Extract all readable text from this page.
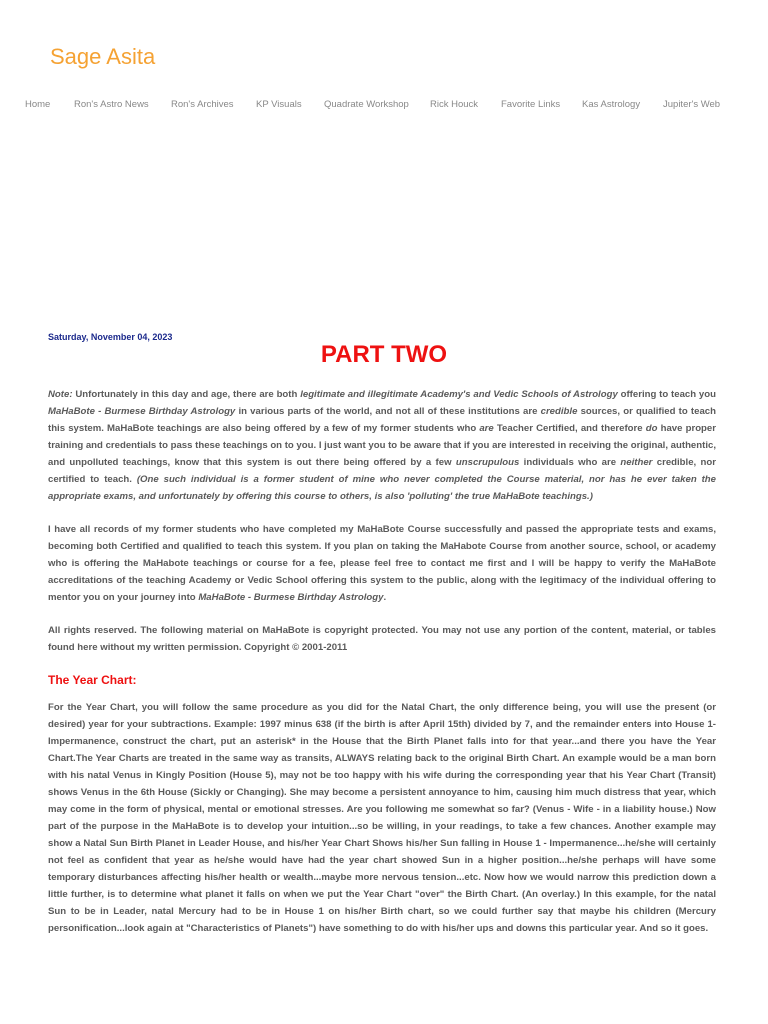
Sage Asita
Home Ron's Astro News Ron's Archives KP Visuals Quadrate Workshop Rick Houck Favorite Links Kas Astrology Jupiter's Web
Saturday, November 04, 2023
PART TWO

Note: Unfortunately in this day and age, there are both legitimate and illegitimate Academy's and Vedic Schools of Astrology offering to teach you MaHaBote - Burmese Birthday Astrology in various parts of the world, and not all of these institutions are credible sources, or qualified to teach this system. MaHaBote teachings are also being offered by a few of my former students who are Teacher Certified, and therefore do have proper training and credentials to pass these teachings on to you. I just want you to be aware that if you are interested in receiving the original, authentic, and unpolluted teachings, know that this system is out there being offered by a few unscrupulous individuals who are neither credible, nor certified to teach. (One such individual is a former student of mine who never completed the Course material, nor has he ever taken the appropriate exams, and unfortunately by offering this course to others, is also 'polluting' the true MaHaBote teachings.)

I have all records of my former students who have completed my MaHaBote Course successfully and passed the appropriate tests and exams, becoming both Certified and qualified to teach this system. If you plan on taking the MaHabote Course from another source, school, or academy who is offering the MaHabote teachings or course for a fee, please feel free to contact me first and I will be happy to verify the MaHaBote accreditations of the teaching Academy or Vedic School offering this system to the public, along with the legitimacy of the individual offering to mentor you on your journey into MaHaBote - Burmese Birthday Astrology.

All rights reserved. The following material on MaHaBote is copyright protected. You may not use any portion of the content, material, or tables found here without my written permission. Copyright © 2001-2011

The Year Chart:

For the Year Chart, you will follow the same procedure as you did for the Natal Chart, the only difference being, you will use the present (or desired) year for your subtractions. Example: 1997 minus 638 (if the birth is after April 15th) divided by 7, and the remainder enters into House 1-Impermanence, construct the chart, put an asterisk* in the House that the Birth Planet falls into for that year...and there you have the Year Chart.The Year Charts are treated in the same way as transits, ALWAYS relating back to the original Birth Chart. An example would be a man born with his natal Venus in Kingly Position (House 5), may not be too happy with his wife during the corresponding year that his Year Chart (Transit) shows Venus in the 6th House (Sickly or Changing). She may become a persistent annoyance to him, causing him much distress that year, which may come in the form of physical, mental or emotional stresses. Are you following me somewhat so far? (Venus - Wife - in a liability house.) Now part of the purpose in the MaHaBote is to develop your intuition...so be willing, in your readings, to take a few chances. Another example may show a Natal Sun Birth Planet in Leader House, and his/her Year Chart Shows his/her Sun falling in House 1 - Impermanence...he/she will certainly not feel as confident that year as he/she would have had the year chart showed Sun in a higher position...he/she perhaps will have some temporary disturbances affecting his/her health or wealth...maybe more nervous tension...etc. Now how we would narrow this prediction down a little further, is to determine what planet it falls on when we put the Year Chart "over" the Birth Chart. (An overlay.) In this example, for the natal Sun to be in Leader, natal Mercury had to be in House 1 on his/her Birth chart, so we could further say that maybe his children (Mercury personification...look again at "Characteristics of Planets") have something to do with his/her ups and downs this particular year. And so it goes.
